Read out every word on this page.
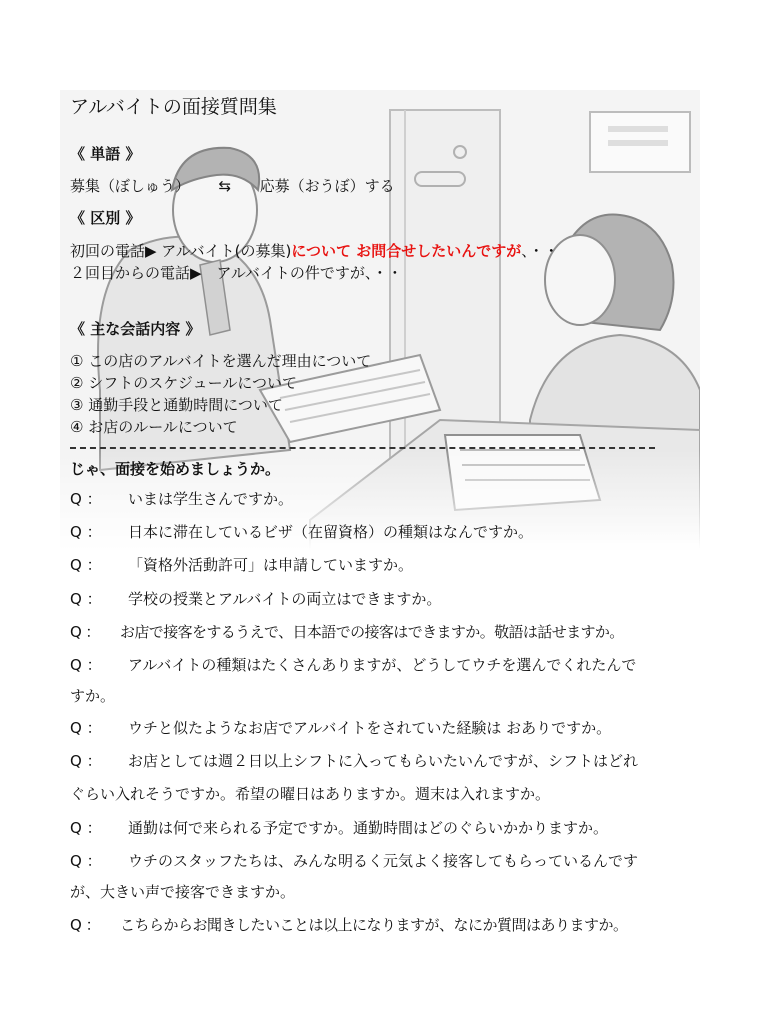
アルバイトの面接質問集

《 単語 》

募集（ぼしゅう） ⇆ 応募（おうぼ）する

《 区別 》

初回の電話▶ アルバイト(の募集)について お問合せしたいんですが、・・

２回目からの電話▶　アルバイトの件ですが、・・

《 主な会話内容 》

① この店のアルバイトを選んだ理由について

② シフトのスケジュールについて

③ 通勤手段と通勤時間について

④ お店のルールについて

じゃ、面接を始めましょうか。

Q ： いまは学生さんですか。

Q ： 日本に滞在しているビザ（在留資格）の種類はなんですか。

Q ： 「資格外活動許可」は申請していますか。

Q ： 学校の授業とアルバイトの両立はできますか。

Q ： お店で接客をするうえで、日本語での接客はできますか。敬語は話せますか。

Q ： アルバイトの種類はたくさんありますが、どうしてウチを選んでくれたんで

すか。

Q ： ウチと似たようなお店でアルバイトをされていた経験は おありですか。

Q ： お店としては週２日以上シフトに入ってもらいたいんですが、シフトはどれ

ぐらい入れそうですか。希望の曜日はありますか。週末は入れますか。

Q ： 通勤は何で来られる予定ですか。通勤時間はどのぐらいかかりますか。

Q ： ウチのスタッフたちは、みんな明るく元気よく接客してもらっているんです

が、大きい声で接客できますか。

Q ： こちらからお聞きしたいことは以上になりますが、なにか質問はありますか。
